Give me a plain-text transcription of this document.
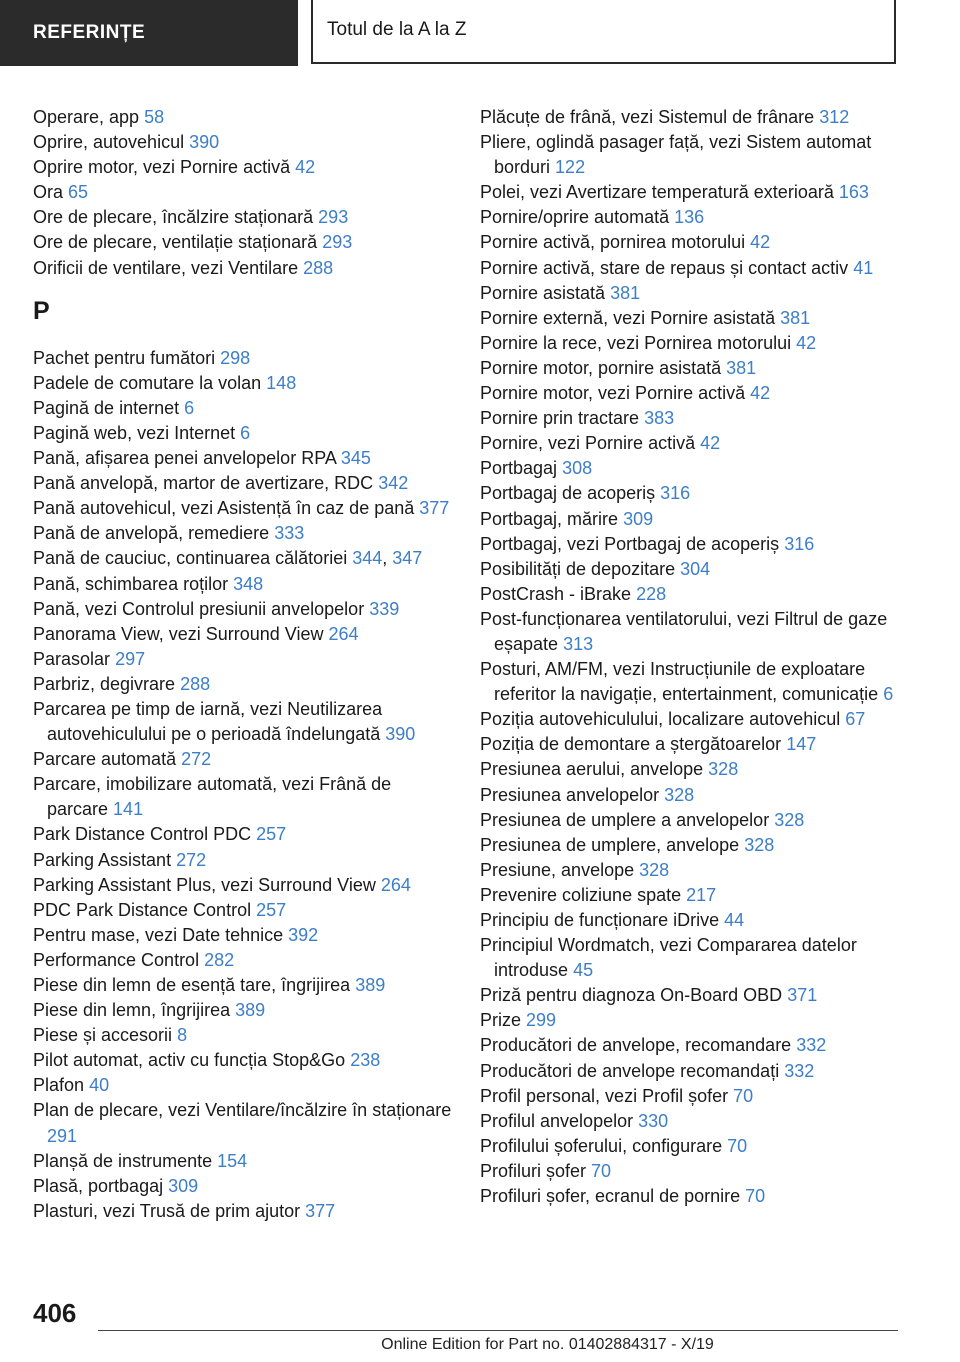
REFERINȚE	Totul de la A la Z
Operare, app 58
Oprire, autovehicul 390
Oprire motor, vezi Pornire activă 42
Ora 65
Ore de plecare, încălzire staționară 293
Ore de plecare, ventilație staționară 293
Orificii de ventilare, vezi Ventilare 288
P
Pachet pentru fumători 298
Padele de comutare la volan 148
Pagină de internet 6
Pagină web, vezi Internet 6
Pană, afișarea penei anvelopelor RPA 345
Pană anvelopă, martor de avertizare, RDC 342
Pană autovehicul, vezi Asistență în caz de pană 377
Pană de anvelopă, remediere 333
Pană de cauciuc, continuarea călătoriei 344, 347
Pană, schimbarea roților 348
Pană, vezi Controlul presiunii anvelopelor 339
Panorama View, vezi Surround View 264
Parasolar 297
Parbriz, degivrare 288
Parcarea pe timp de iarnă, vezi Neutilizarea autovehiculului pe o perioadă îndelungată 390
Parcare automată 272
Parcare, imobilizare automată, vezi Frână de parcare 141
Park Distance Control PDC 257
Parking Assistant 272
Parking Assistant Plus, vezi Surround View 264
PDC Park Distance Control 257
Pentru mase, vezi Date tehnice 392
Performance Control 282
Piese din lemn de esență tare, îngrijirea 389
Piese din lemn, îngrijirea 389
Piese și accesorii 8
Pilot automat, activ cu funcția Stop&Go 238
Plafon 40
Plan de plecare, vezi Ventilare/încălzire în staționare 291
Planșă de instrumente 154
Plasă, portbagaj 309
Plasturi, vezi Trusă de prim ajutor 377
Plăcuțe de frână, vezi Sistemul de frânare 312
Pliere, oglindă pasager față, vezi Sistem automat borduri 122
Polei, vezi Avertizare temperatură exterioară 163
Pornire/oprire automată 136
Pornire activă, pornirea motorului 42
Pornire activă, stare de repaus și contact activ 41
Pornire asistată 381
Pornire externă, vezi Pornire asistată 381
Pornire la rece, vezi Pornirea motorului 42
Pornire motor, pornire asistată 381
Pornire motor, vezi Pornire activă 42
Pornire prin tractare 383
Pornire, vezi Pornire activă 42
Portbagaj 308
Portbagaj de acoperiș 316
Portbagaj, mărire 309
Portbagaj, vezi Portbagaj de acoperiș 316
Posibilități de depozitare 304
PostCrash - iBrake 228
Post-funcționarea ventilatorului, vezi Filtrul de gaze eșapate 313
Posturi, AM/FM, vezi Instrucțiunile de exploatare referitor la navigație, entertainment, comunicație 6
Poziția autovehiculului, localizare autovehicul 67
Poziția de demontare a ștergătoarelor 147
Presiunea aerului, anvelope 328
Presiunea anvelopelor 328
Presiunea de umplere a anvelopelor 328
Presiunea de umplere, anvelope 328
Presiune, anvelope 328
Prevenire coliziune spate 217
Principiu de funcționare iDrive 44
Principiul Wordmatch, vezi Compararea datelor introduse 45
Priză pentru diagnoza On-Board OBD 371
Prize 299
Producători de anvelope, recomandare 332
Producători de anvelope recomandați 332
Profil personal, vezi Profil șofer 70
Profilul anvelopelor 330
Profilului șoferului, configurare 70
Profiluri șofer 70
Profiluri șofer, ecranul de pornire 70
406
Online Edition for Part no. 01402884317 - X/19
